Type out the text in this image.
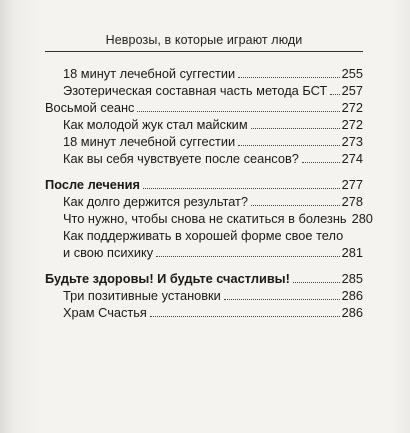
Неврозы, в которые играют люди
18 минут лечебной суггестии	255
Эзотерическая составная часть метода БСТ 257
Восьмой сеанс	272
Как молодой жук стал майским	272
18 минут лечебной суггестии	273
Как вы себя чувствуете после сеансов?	274
После лечения	277
Как долго держится результат?	278
Что нужно, чтобы снова не скатиться в болезнь 280
Как поддерживать в хорошей форме свое тело
и свою психику	281
Будьте здоровы! И будьте счастливы!	285
Три позитивные установки	286
Храм Счастья	286
